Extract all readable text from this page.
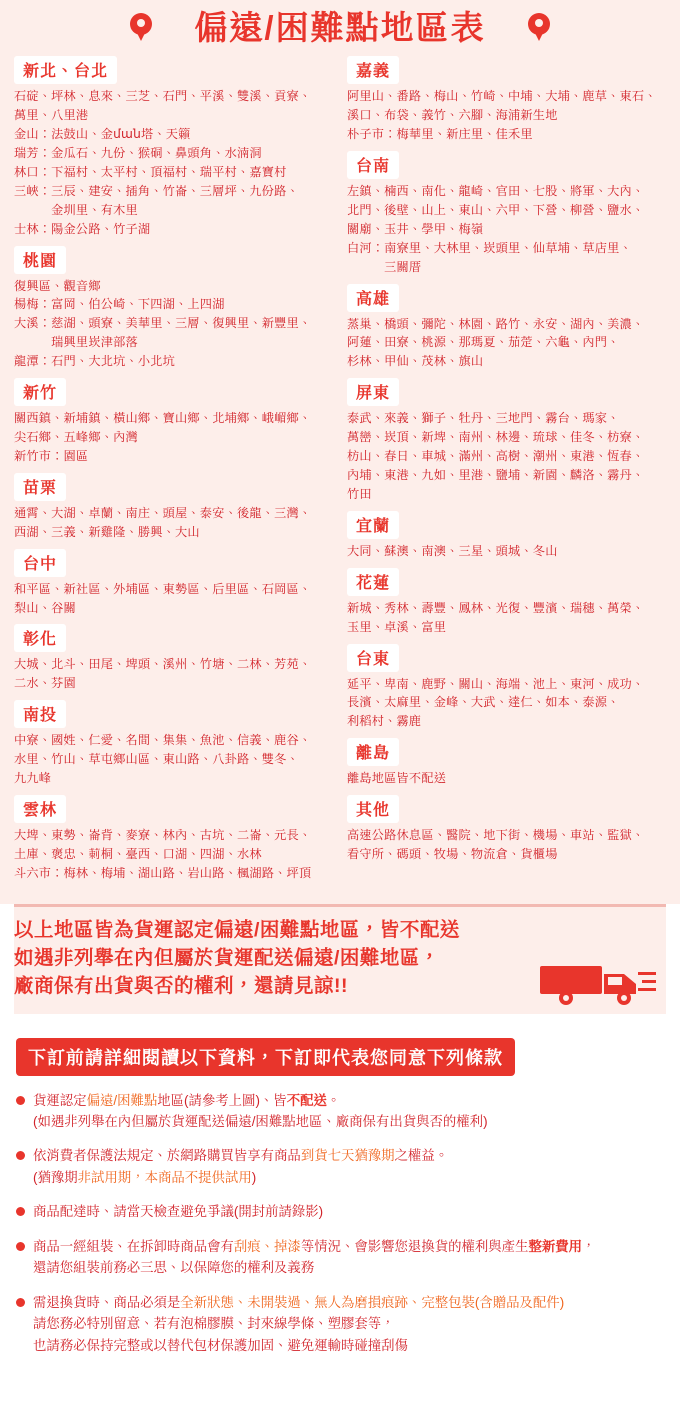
偏遠/困難點地區表
新北、台北
石碇、坪林、息來、三芝、石門、平溪、雙溪、貢寮、
萬里、八里港
金山：法鼓山、金ման塔、天籟
瑞芳：金瓜石、九份、猴硐、鼻頭角、水湳洞
林口：下福村、太平村、頂福村、瑞平村、嘉寶村
三峽：三辰、建安、插角、竹崙、三層坪、九份路、
　　　金圳里、有木里
士林：陽金公路、竹子湖
桃園
復興區、觀音鄉
楊梅：富岡、伯公崎、下四湖、上四湖
大溪：慈湖、頭寮、美華里、三層、復興里、新豐里、
　　　瑞興里崁津部落
龍潭：石門、大北坑、小北坑
新竹
關西鎮、新埔鎮、橫山鄉、寶山鄉、北埔鄉、峨嵋鄉、
尖石鄉、五峰鄉、內灣
新竹市：園區
苗栗
通霄、大湖、卓蘭、南庄、頭屋、泰安、後龍、三灣、
西湖、三義、新雞隆、勝興、大山
台中
和平區、新社區、外埔區、東勢區、后里區、石岡區、
梨山、谷關
彰化
大城、北斗、田尾、埤頭、溪州、竹塘、二林、芳苑、
二水、芬園
南投
中寮、國姓、仁愛、名間、集集、魚池、信義、鹿谷、
水里、竹山、草屯鄉山區、東山路、八卦路、雙冬、
九九峰
雲林
大埤、東勢、崙背、麥寮、林內、古坑、二崙、元長、
土庫、褒忠、莿桐、臺西、口湖、四湖、水林
斗六市：梅林、梅埔、湖山路、岩山路、楓湖路、坪頂
嘉義
阿里山、番路、梅山、竹崎、中埔、大埔、鹿草、東石、
溪口、布袋、義竹、六腳、海浦新生地
朴子市：梅華里、新庄里、佳禾里
台南
左鎮、楠西、南化、龍崎、官田、七股、將軍、大內、
北門、後壁、山上、東山、六甲、下營、柳營、鹽水、
關廟、玉井、學甲、梅嶺
白河：南寮里、大林里、崁頭里、仙草埔、草店里、
　　　三關厝
高雄
蒸巢、橋頭、彌陀、林園、路竹、永安、湖內、美濃、
阿蓮、田寮、桃源、那瑪夏、茄萣、六龜、內門、
杉林、甲仙、茂林、旗山
屏東
泰武、來義、獅子、牡丹、三地門、霧台、瑪家、
萬巒、崁頂、新埤、南州、林邊、琉球、佳冬、枋寮、
枋山、春日、車城、滿州、高樹、潮州、東港、恆春、
內埔、東港、九如、里港、鹽埔、新園、麟洛、霧丹、
竹田
宜蘭
大同、蘇澳、南澳、三星、頭城、冬山
花蓮
新城、秀林、壽豐、鳳林、光復、豐濱、瑞穗、萬榮、
玉里、卓溪、富里
台東
延平、卑南、鹿野、關山、海端、池上、東河、成功、
長濱、太麻里、金峰、大武、達仁、如本、泰源、
利稻村、霧鹿
離島
離島地區皆不配送
其他
高速公路休息區、醫院、地下街、機場、車站、監獄、
看守所、碼頭、牧場、物流倉、貨櫃場

以上地區皆為貨運認定偏遠/困難點地區，皆不配送

如遇非列舉在內但屬於貨運配送偏遠/困難地區，

廠商保有出貨與否的權利，還請見諒!!

下訂前請詳細閱讀以下資料，下訂即代表您同意下列條款
貨運認定偏遠/困難點地區(請參考上圖)、皆不配送。
(如遇非列舉在內但屬於貨運配送偏遠/困難點地區、廠商保有出貨與否的權利)
依消費者保護法規定、於網路購買皆享有商品到貨七天猶豫期之權益。
(猶豫期非試用期，本商品不提供試用)
商品配達時、請當天檢查避免爭議(開封前請錄影)
商品一經組裝、在拆卸時商品會有刮痕、掉漆等情況、會影響您退換貨的權利與產生整新費用，
還請您組裝前務必三思、以保障您的權利及義務
需退換貨時、商品必須是全新狀態、未開裝過、無人為磨損痕跡、完整包裝(含贈品及配件)
請您務必特別留意、若有泡棉膠膜、封來線學條、塑膠套等，
也請務必保持完整或以替代包材保護加固、避免運輸時碰撞刮傷
